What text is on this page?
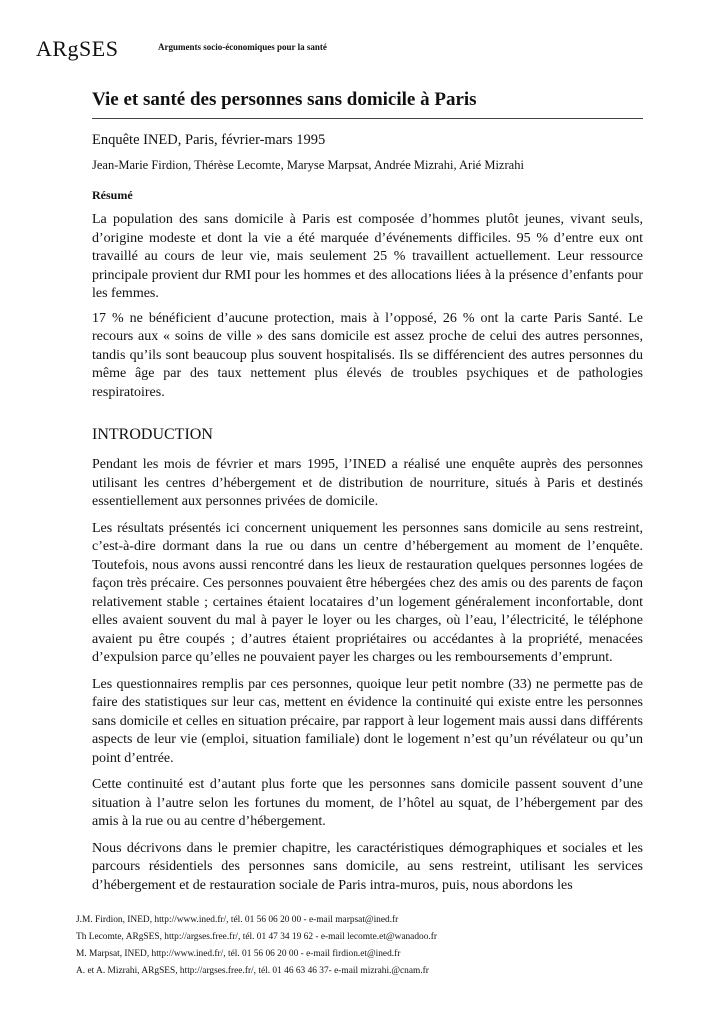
ARgSES	Arguments socio-économiques pour la santé
Vie et santé des personnes sans domicile à Paris
Enquête INED, Paris, février-mars 1995
Jean-Marie Firdion, Thérèse Lecomte, Maryse Marpsat, Andrée Mizrahi, Arié Mizrahi
Résumé

La population des sans domicile à Paris est composée d’hommes plutôt jeunes, vivant seuls, d’origine modeste et dont la vie a été marquée d’événements difficiles. 95 % d’entre eux ont travaillé au cours de leur vie, mais seulement 25 % travaillent actuellement. Leur ressource principale provient dur RMI pour les hommes et des allocations liées à la présence d’enfants pour les femmes.

17 % ne bénéficient d’aucune protection, mais à l’opposé, 26 % ont la carte Paris Santé. Le recours aux « soins de ville » des sans domicile est assez proche de celui des autres personnes, tandis qu’ils sont beaucoup plus souvent hospitalisés. Ils se différencient des autres personnes du même âge par des taux nettement plus élevés de troubles psychiques et de pathologies respiratoires.

INTRODUCTION

Pendant les mois de février et mars 1995, l’INED a réalisé une enquête auprès des personnes utilisant les centres d’hébergement et de distribution de nourriture, situés à Paris et destinés essentiellement aux personnes privées de domicile.

Les résultats présentés ici concernent uniquement les personnes sans domicile au sens restreint, c’est-à-dire dormant dans la rue ou dans un centre d’hébergement au moment de l’enquête. Toutefois, nous avons aussi rencontré dans les lieux de restauration quelques personnes logées de façon très précaire. Ces personnes pouvaient être hébergées chez des amis ou des parents de façon relativement stable ; certaines étaient locataires d’un logement généralement inconfortable, dont elles avaient souvent du mal à payer le loyer ou les charges, où l’eau, l’électricité, le téléphone avaient pu être coupés ; d’autres étaient propriétaires ou accédantes à la propriété, menacées d’expulsion parce qu’elles ne pouvaient payer les charges ou les remboursements d’emprunt.

Les questionnaires remplis par ces personnes, quoique leur petit nombre (33) ne permette pas de faire des statistiques sur leur cas, mettent en évidence la continuité qui existe entre les personnes sans domicile et celles en situation précaire, par rapport à leur logement mais aussi dans différents aspects de leur vie (emploi, situation familiale) dont le logement n’est qu’un révélateur ou qu’un point d’entrée.

Cette continuité est d’autant plus forte que les personnes sans domicile passent souvent d’une situation à l’autre selon les fortunes du moment, de l’hôtel au squat, de l’hébergement par des amis à la rue ou au centre d’hébergement.

Nous décrivons dans le premier chapitre, les caractéristiques démographiques et sociales et les parcours résidentiels des personnes sans domicile, au sens restreint, utilisant les services d’hébergement et de restauration sociale de Paris intra-muros, puis, nous abordons les

J.M. Firdion, INED, http://www.ined.fr/, tél. 01 56 06 20 00 - e-mail marpsat@ined.fr
Th Lecomte, ARgSES, http://argses.free.fr/, tél. 01 47 34 19 62 - e-mail lecomte.et@wanadoo.fr
M. Marpsat, INED, http://www.ined.fr/, tél. 01 56 06 20 00 - e-mail firdion.et@ined.fr
A. et A. Mizrahi, ARgSES, http://argses.free.fr/, tél. 01 46 63 46 37- e-mail mizrahi.@cnam.fr
